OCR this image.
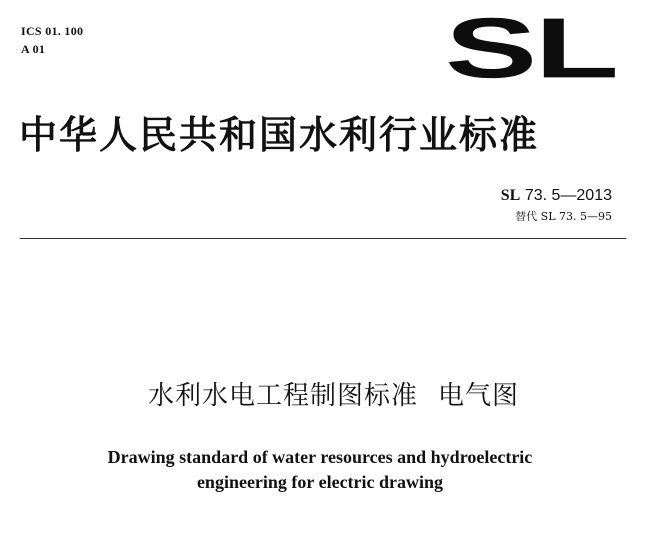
ICS 01. 100
A 01	SL
中华人民共和国水利行业标准
SL 73. 5—2013
替代 SL 73. 5—95
水利水电工程制图标准 电气图
Drawing standard of water resources and hydroelectric
engineering for electric drawing
